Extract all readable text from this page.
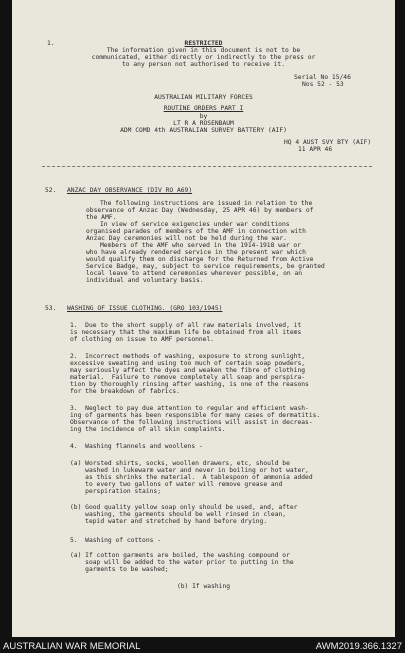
1.	RESTRICTED
The information given in this document is not to be
communicated, either directly or indirectly to the press or
to any person not authorised to receive it.
Serial No 15/46
Nos 52 - 53
AUSTRALIAN MILITARY FORCES
ROUTINE ORDERS PART I
by
LT R A ROSENBAUM
ADM COMD 4th AUSTRALIAN SURVEY BATTERY (AIF)
HQ 4 AUST SVY BTY (AIF)
11 APR 46
52. ANZAC DAY OBSERVANCE (DIV RO A69)
The following instructions are issued in relation to the
observance of Anzac Day (Wednesday, 25 APR 46) by members of
the AMF.
In view of service exigencies under war conditions
organised parades of members of the AMF in connection with
Anzac Day ceremonies will not be held during the war.
Members of the AMF who served in the 1914-1918 war or
who have already rendered service in the present war which
would qualify them on discharge for the Returned from Active
Service Badge, may, subject to service requirements, be granted
local leave to attend ceremonies wherever possible, on an
individual and voluntary basis.
53. WASHING OF ISSUE CLOTHING. (GRO 103/1945)
1.  Due to the short supply of all raw materials involved, it
is necessary that the maximum life be obtained from all items
of clothing on issue to AMF personnel.
2.  Incorrect methods of washing, exposure to strong sunlight,
excessive sweating and using too much of certain soap powders,
may seriously affect the dyes and weaken the fibre of clothing
material.  Failure to remove completely all soap and perspira-
tion by thoroughly rinsing after washing, is one of the reasons
for the breakdown of fabrics.
3.  Neglect to pay due attention to regular and efficient wash-
ing of garments has been responsible for many cases of dermatitis.
Observance of the following instructions will assist in decreas-
ing the incidence of all skin complaints.
4.  Washing flannels and woollens -
(a) Worsted shirts, socks, woollen drawers, etc, should be
washed in lukewarm water and never in boiling or hot water,
as this shrinks the material.  A tablespoon of ammonia added
to every two gallons of water will remove grease and
perspiration stains;
(b) Good quality yellow soap only should be used, and, after
washing, the garments should be well rinsed in clean,
tepid water and stretched by hand before drying.
5.  Washing of cottons -
(a) If cotton garments are boiled, the washing compound or
soap will be added to the water prior to putting in the
garments to be washed;
(b) If washing
AUSTRALIAN WAR MEMORIAL	AWM2019.366.1327
